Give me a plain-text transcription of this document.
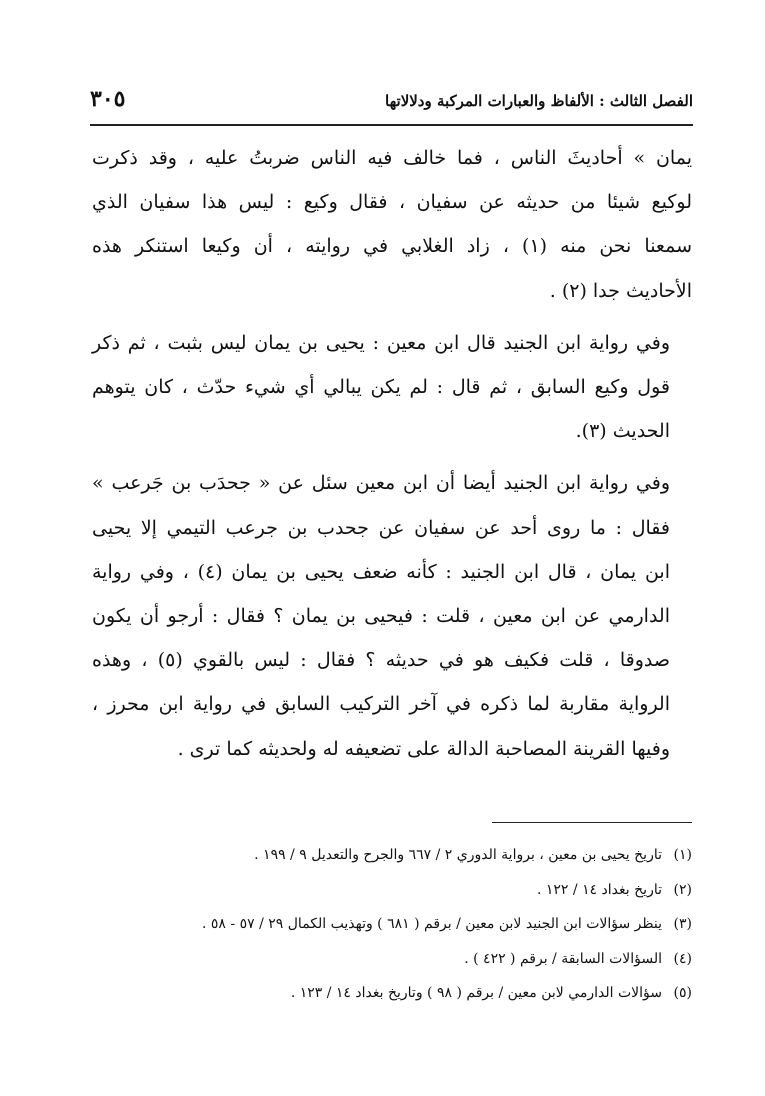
الفصل الثالث : الألفاظ والعبارات المركبة ودلالاتها
٣٠٥

يمان » أحاديثَ الناس ، فما خالف فيه الناس ضربتُ عليه ، وقد ذكرت
لوكيع شيئا من حديثه عن سفيان ، فقال وكيع : ليس هذا سفيان الذي
سمعنا نحن منه (١) ، زاد الغلابي في روايته ، أن وكيعا استنكر هذه
الأحاديث جدا (٢) .

وفي رواية ابن الجنيد قال ابن معين : يحيى بن يمان ليس بثبت ، ثم ذكر
قول وكيع السابق ، ثم قال : لم يكن يبالي أي شيء حدّث ، كان يتوهم
الحديث (٣).

وفي رواية ابن الجنيد أيضا أن ابن معين سئل عن « جحدَب بن جَرعب »
فقال : ما روى أحد عن سفيان عن جحدب بن جرعب التيمي إلا يحيى
ابن يمان ، قال ابن الجنيد : كأنه ضعف يحيى بن يمان (٤) ، وفي رواية
الدارمي عن ابن معين ، قلت : فيحيى بن يمان ؟ فقال : أرجو أن يكون
صدوقا ، قلت فكيف هو في حديثه ؟ فقال : ليس بالقوي (٥) ، وهذه
الرواية مقاربة لما ذكره في آخر التركيب السابق في رواية ابن محرز ،
وفيها القرينة المصاحبة الدالة على تضعيفه له ولحديثه كما ترى .

(١)تاريخ يحيى بن معين ، برواية الدوري ٢ / ٦٦٧ والجرح والتعديل ٩ / ١٩٩ .
(٢)تاريخ بغداد ١٤ / ١٢٢ .
(٣)ينظر سؤالات ابن الجنيد لابن معين / برقم ( ٦٨١ ) وتهذيب الكمال ٢٩ / ٥٧ - ٥٨ .
(٤)السؤالات السابقة / برقم ( ٤٢٢ ) .
(٥)سؤالات الدارمي لابن معين / برقم ( ٩٨ ) وتاريخ بغداد ١٤ / ١٢٣ .
